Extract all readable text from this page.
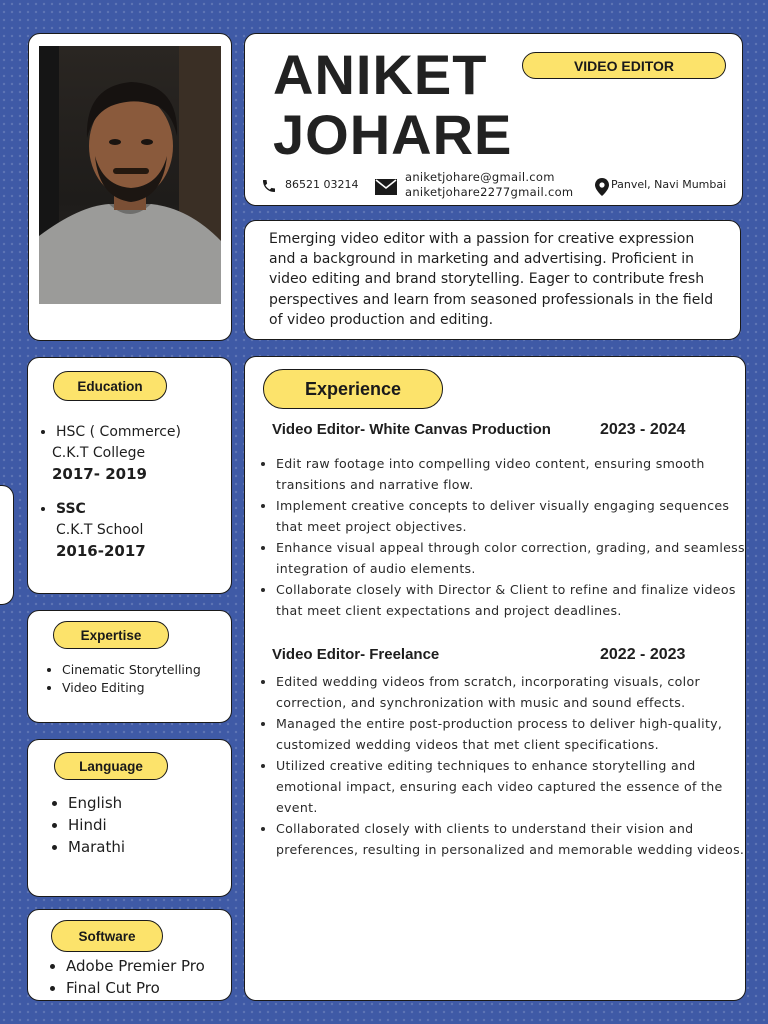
ANIKET
JOHARE
VIDEO EDITOR
86521 03214
aniketjohare@gmail.com
aniketjohare2277gmail.com
Panvel, Navi Mumbai
Emerging video editor with a passion for creative expression and a background in marketing and advertising. Proficient in video editing and brand storytelling. Eager to contribute fresh perspectives and learn from seasoned professionals in the field of video production and editing.
Education
• HSC ( Commerce)
C.K.T College
2017- 2019
• SSC
C.K.T School
2016-2017
Expertise
• Cinematic Storytelling
• Video Editing
Language
• English
• Hindi
• Marathi
Software
• Adobe Premier Pro
• Final Cut Pro
Experience
Video Editor- White Canvas Production	2023 - 2024
• Edit raw footage into compelling video content, ensuring smooth transitions and narrative flow.
• Implement creative concepts to deliver visually engaging sequences that meet project objectives.
• Enhance visual appeal through color correction, grading, and seamless integration of audio elements.
• Collaborate closely with Director & Client to refine and finalize videos that meet client expectations and project deadlines.
Video Editor- Freelance	2022 - 2023
• Edited wedding videos from scratch, incorporating visuals, color correction, and synchronization with music and sound effects.
• Managed the entire post-production process to deliver high-quality, customized wedding videos that met client specifications.
• Utilized creative editing techniques to enhance storytelling and emotional impact, ensuring each video captured the essence of the event.
• Collaborated closely with clients to understand their vision and preferences, resulting in personalized and memorable wedding videos.
